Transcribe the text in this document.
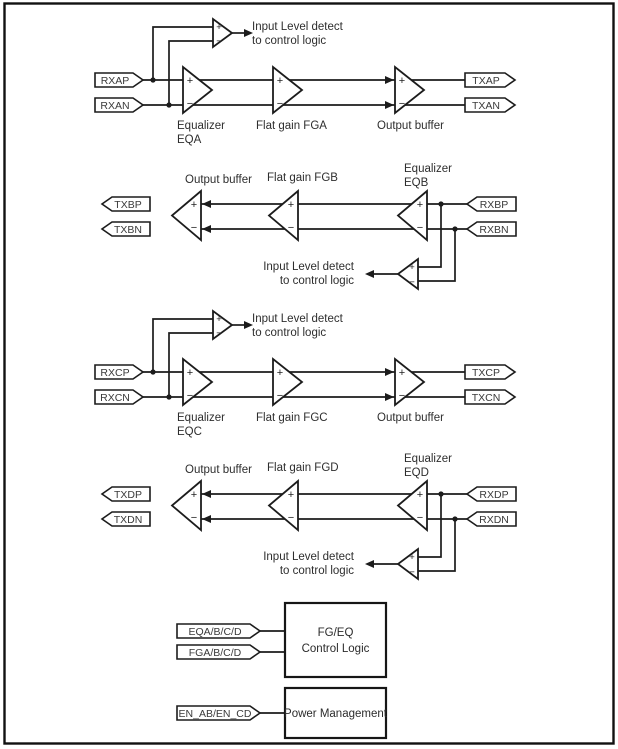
+
−
+
−
+
−
+
−
RXAP
RXAN
TXAP
TXAN
Input Level detect
to control logic
Equalizer
EQA
Flat gain FGA	Output buffer
+
−
+
−
+
−
+
−
TXBP
TXBN
RXBP
RXBN
Output buffer Flat gain FGB
Equalizer
EQB
Input Level detect
to control logic
+
−
+
−
+
−
+
−
RXCP
RXCN
TXCP
TXCN
Input Level detect
to control logic
Equalizer
EQC
Flat gain FGC	Output buffer
+
−
+
−
+
−
+
−
TXDP
TXDN
RXDP
RXDN
Output buffer Flat gain FGD
Equalizer
EQD
Input Level detect
to control logic
FG/EQ
Control Logic
Power Management
EQA/B/C/D
FGA/B/C/D
EN_AB/EN_CD
